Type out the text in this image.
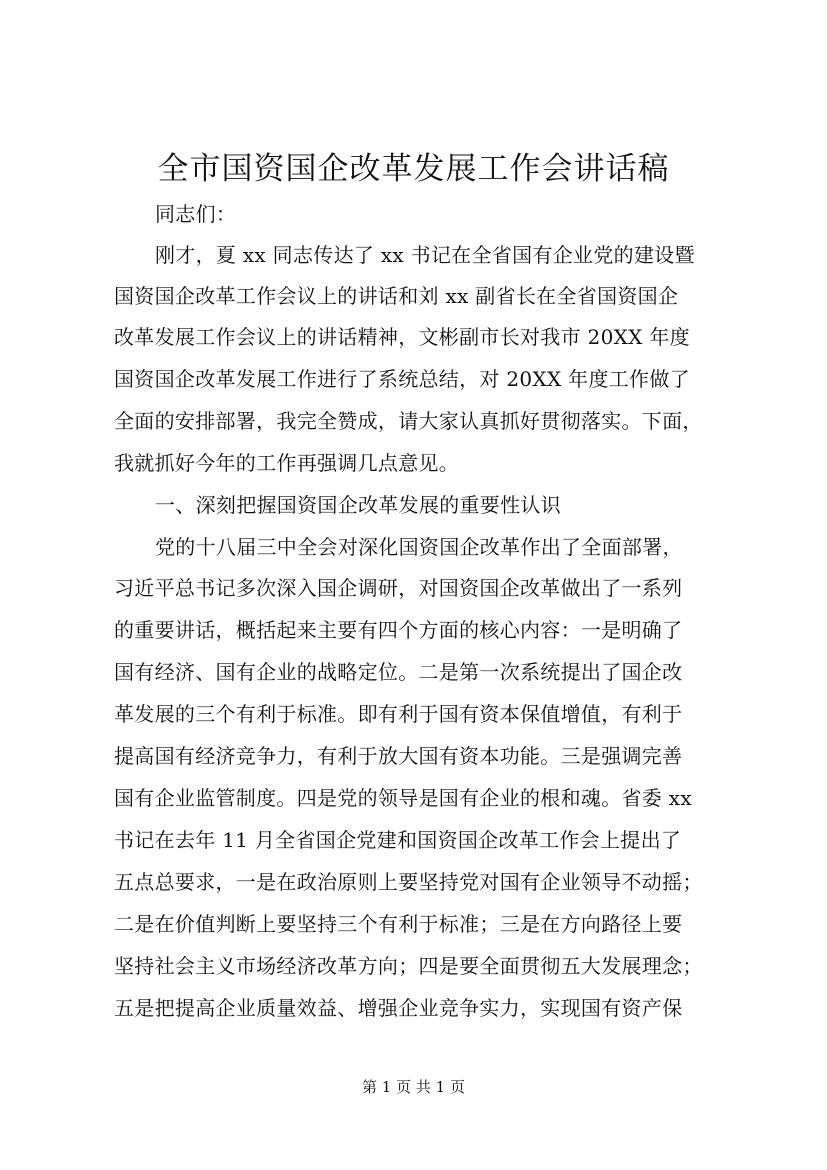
全市国资国企改革发展工作会讲话稿
同志们：
刚才，夏 xx 同志传达了 xx 书记在全省国有企业党的建设暨
国资国企改革工作会议上的讲话和刘 xx 副省长在全省国资国企
改革发展工作会议上的讲话精神，文彬副市长对我市 20XX 年度
国资国企改革发展工作进行了系统总结，对 20XX 年度工作做了
全面的安排部署，我完全赞成，请大家认真抓好贯彻落实。下面，
我就抓好今年的工作再强调几点意见。
一、深刻把握国资国企改革发展的重要性认识
党的十八届三中全会对深化国资国企改革作出了全面部署，
习近平总书记多次深入国企调研，对国资国企改革做出了一系列
的重要讲话，概括起来主要有四个方面的核心内容：一是明确了
国有经济、国有企业的战略定位。二是第一次系统提出了国企改
革发展的三个有利于标准。即有利于国有资本保值增值，有利于
提高国有经济竞争力，有利于放大国有资本功能。三是强调完善
国有企业监管制度。四是党的领导是国有企业的根和魂。省委 xx
书记在去年 11 月全省国企党建和国资国企改革工作会上提出了
五点总要求，一是在政治原则上要坚持党对国有企业领导不动摇；
二是在价值判断上要坚持三个有利于标准；三是在方向路径上要
坚持社会主义市场经济改革方向；四是要全面贯彻五大发展理念；
五是把提高企业质量效益、增强企业竞争实力，实现国有资产保
第 1 页 共 1 页
